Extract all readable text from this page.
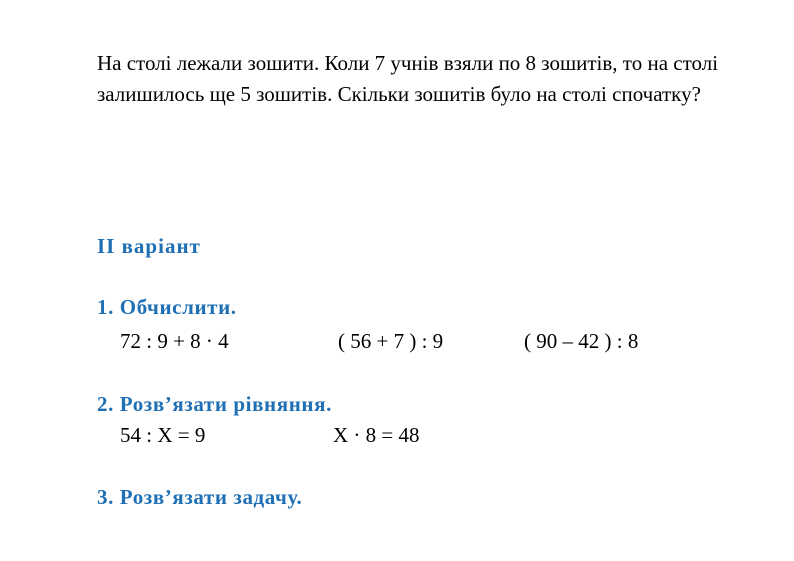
На столі лежали зошити. Коли 7 учнів взяли по 8 зошитів, то на столі залишилось ще 5 зошитів. Скільки зошитів було на столі спочатку?
II варіант
1. Обчислити.
72 : 9 + 8 · 4	( 56 + 7 ) : 9	( 90 – 42 ) : 8
2. Розв’язати рівняння.
54 : Х = 9	Х · 8 = 48
3. Розв’язати задачу.
